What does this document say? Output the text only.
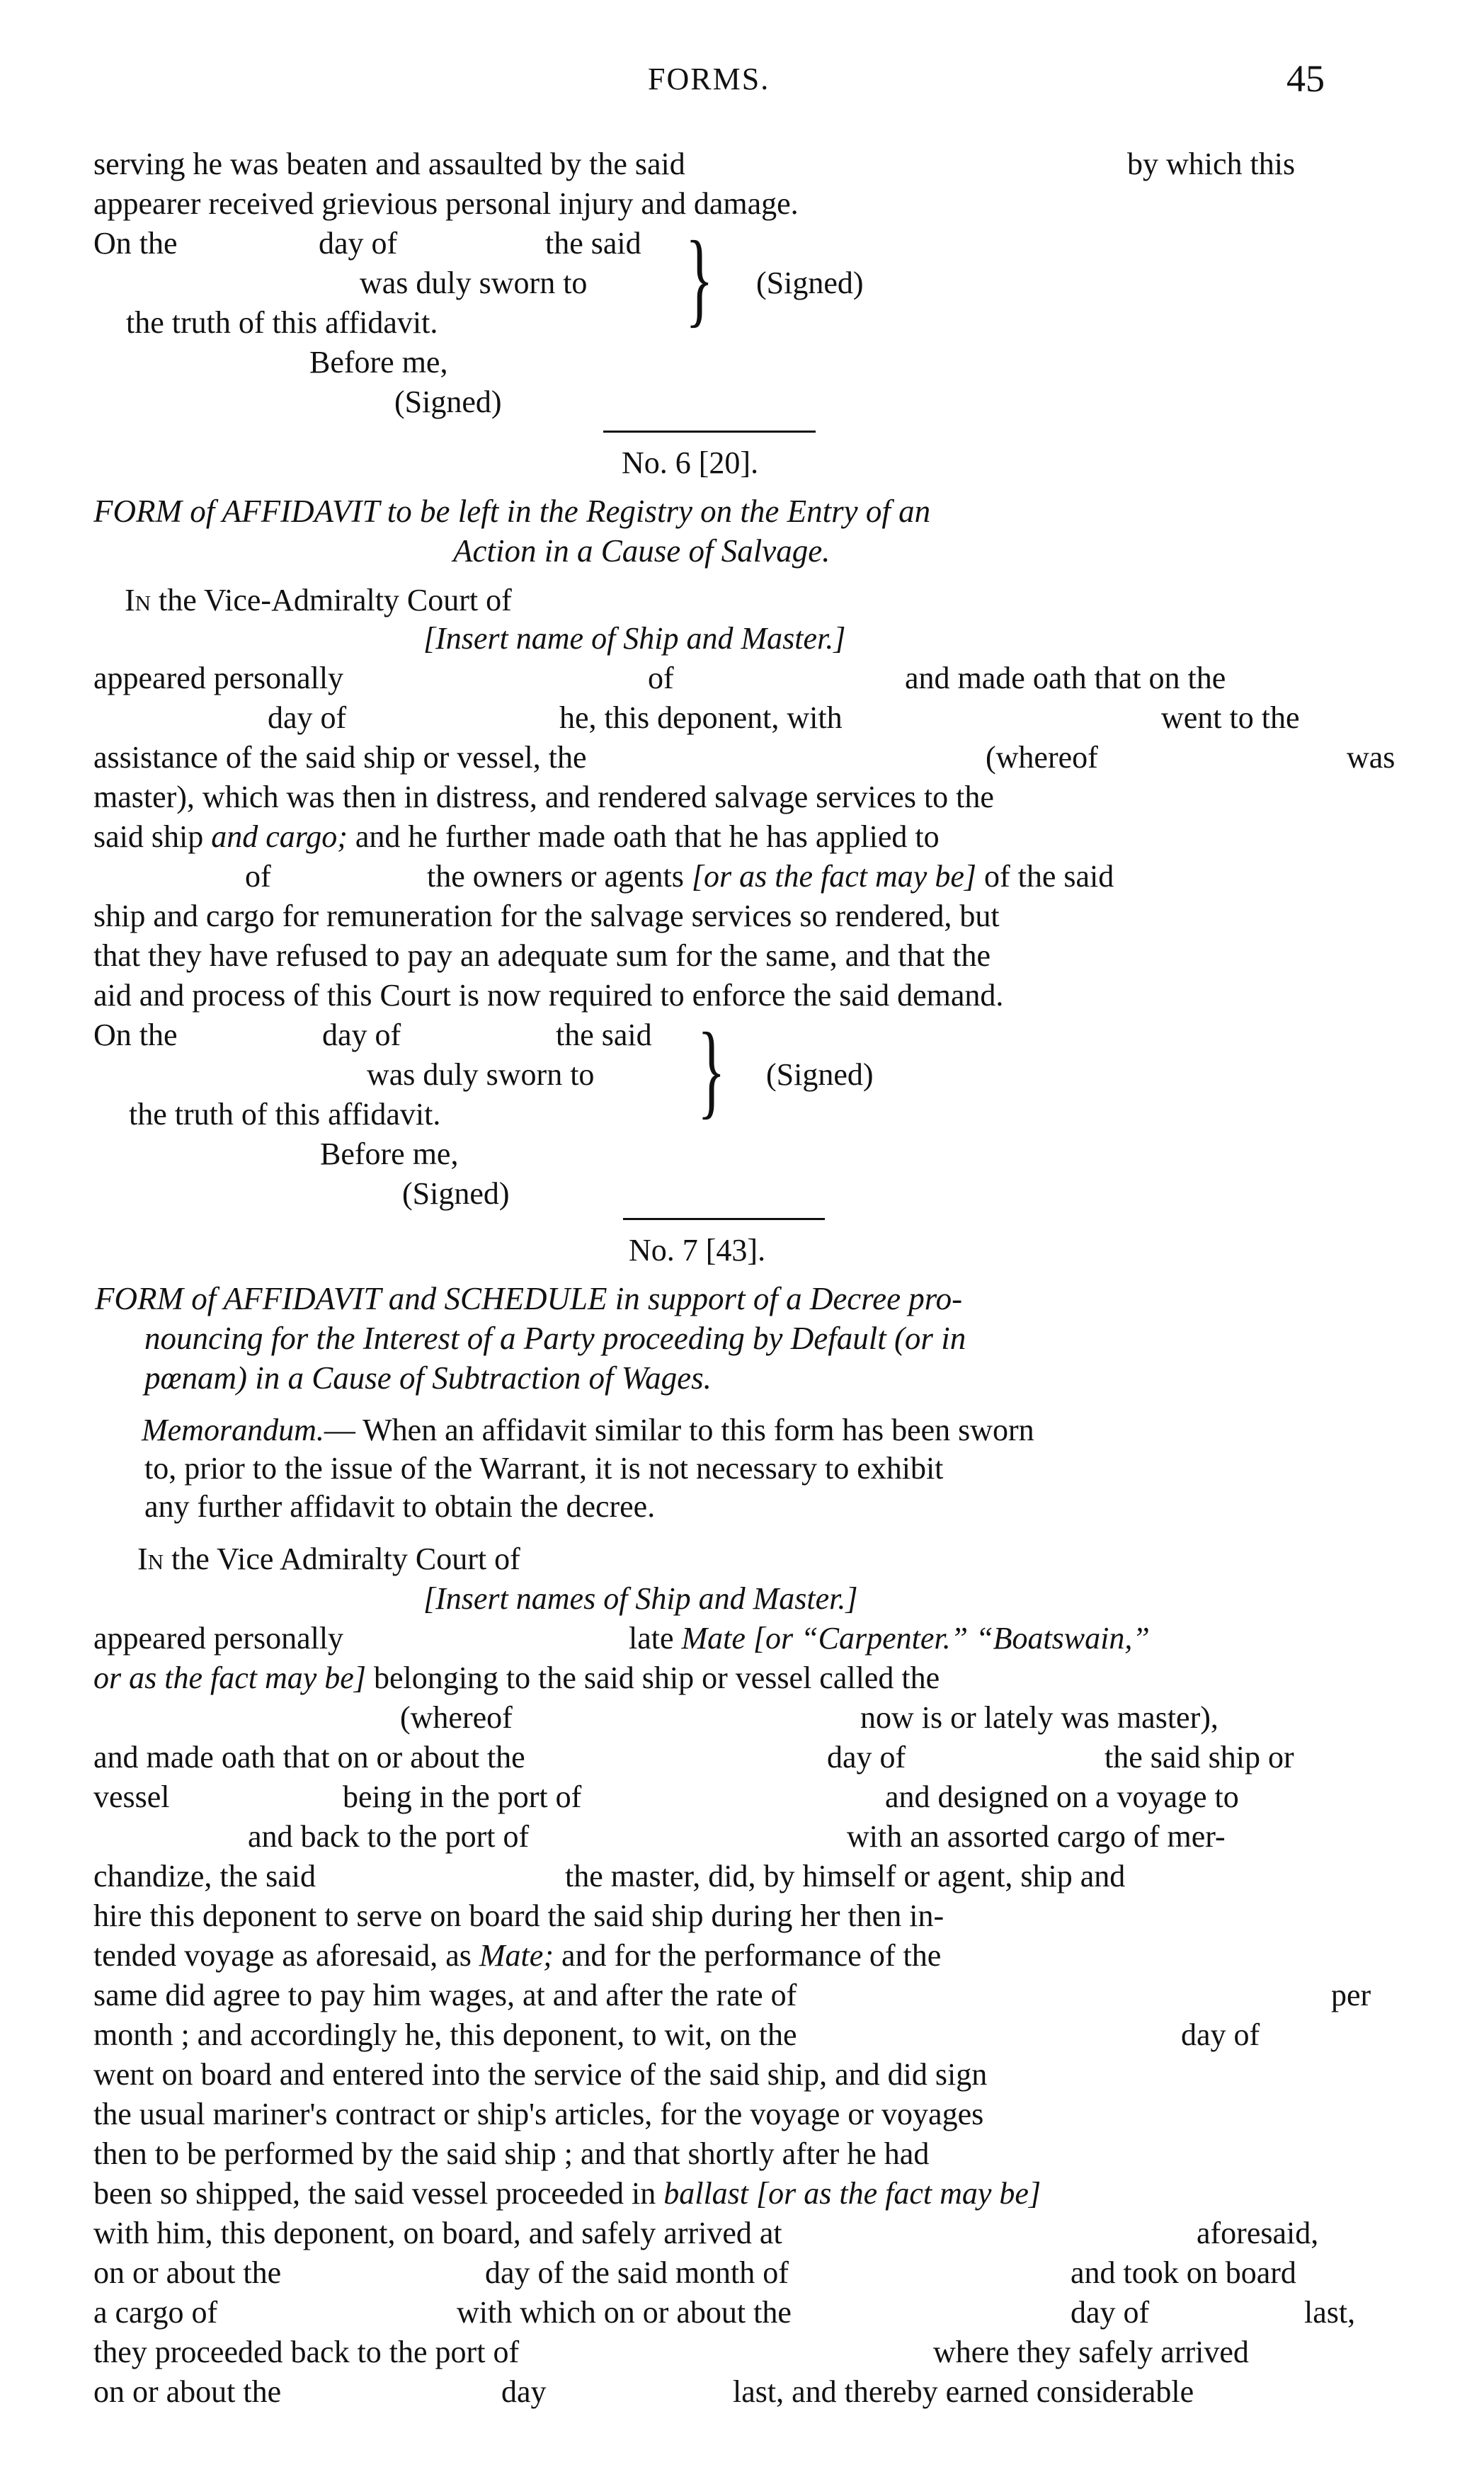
FORMS.	45
serving he was beaten and assaulted by the said	by which this
appearer received grievious personal injury and damage.
On the	day of	the said }
was duly sworn to	(Signed)
the truth of this affidavit.
Before me,
(Signed)
No. 6 [20].
FORM of AFFIDAVIT to be left in the Registry on the Entry of an
Action in a Cause of Salvage.
In the Vice-Admiralty Court of
[Insert name of Ship and Master.]
appeared personally	of	and made oath that on the
day of	he, this deponent, with	went to the
assistance of the said ship or vessel, the	(whereof	was
master), which was then in distress, and rendered salvage services to the
said ship and cargo; and he further made oath that he has applied to
of	the owners or agents [or as the fact may be] of the said
ship and cargo for remuneration for the salvage services so rendered, but
that they have refused to pay an adequate sum for the same, and that the
aid and process of this Court is now required to enforce the said demand.
On the	day of	the said }
was duly sworn to	(Signed)
the truth of this affidavit.
Before me,
(Signed)
No. 7 [43].
FORM of AFFIDAVIT and SCHEDULE in support of a Decree pro-
nouncing for the Interest of a Party proceeding by Default (or in
pœnam) in a Cause of Subtraction of Wages.
Memorandum.— When an affidavit similar to this form has been sworn
to, prior to the issue of the Warrant, it is not necessary to exhibit
any further affidavit to obtain the decree.
In the Vice Admiralty Court of
[Insert names of Ship and Master.]
appeared personally	late Mate [or “Carpenter.” “Boatswain,”
or as the fact may be] belonging to the said ship or vessel called the
(whereof	now is or lately was master),
and made oath that on or about the	day of	the said ship or
vessel	being in the port of	and designed on a voyage to
and back to the port of	with an assorted cargo of mer-
chandize, the said	the master, did, by himself or agent, ship and
hire this deponent to serve on board the said ship during her then in-
tended voyage as aforesaid, as Mate; and for the performance of the
same did agree to pay him wages, at and after the rate of	per
month ; and accordingly he, this deponent, to wit, on the	day of
went on board and entered into the service of the said ship, and did sign
the usual mariner's contract or ship's articles, for the voyage or voyages
then to be performed by the said ship ; and that shortly after he had
been so shipped, the said vessel proceeded in ballast [or as the fact may be]
with him, this deponent, on board, and safely arrived at	aforesaid,
on or about the	day of the said month of	and took on board
a cargo of	with which on or about the	day of	last,
they proceeded back to the port of	where they safely arrived
on or about the	day	last, and thereby earned considerable
